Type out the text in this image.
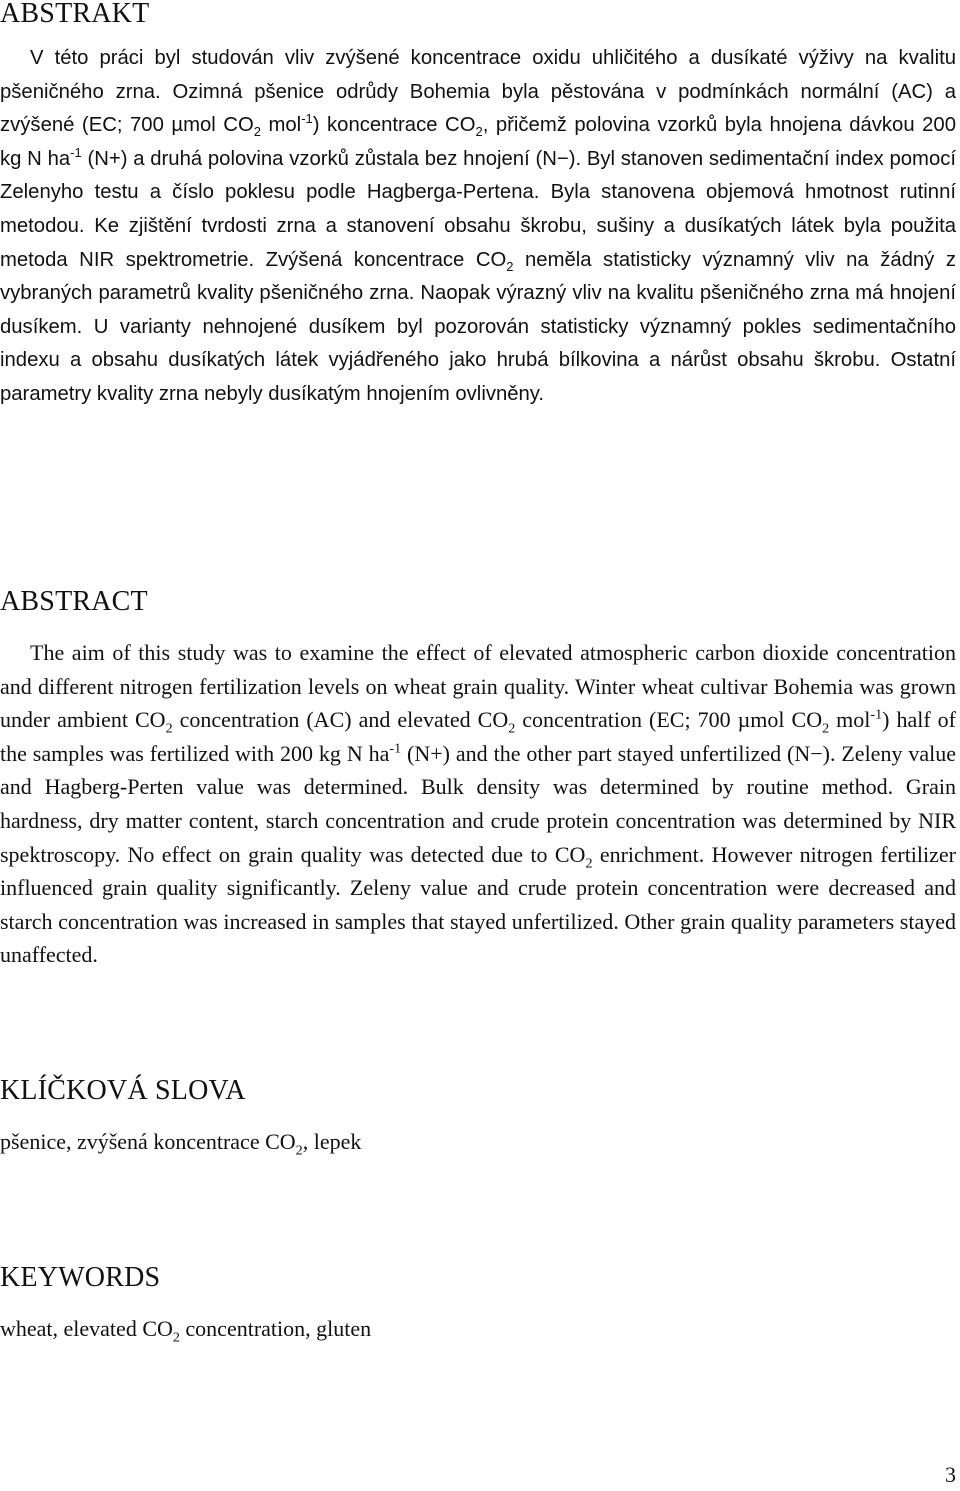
ABSTRAKT

V této práci byl studován vliv zvýšené koncentrace oxidu uhličitého a dusíkaté výživy na kvalitu pšeničného zrna. Ozimná pšenice odrůdy Bohemia byla pěstována v podmínkách normální (AC) a zvýšené (EC; 700 µmol $CO_2$ mol$^{-1}$) koncentrace $CO_2$, přičemž polovina vzorků byla hnojena dávkou 200 kg N $ha^{-1}$ (N+) a druhá polovina vzorků zůstala bez hnojení (N−). Byl stanoven sedimentační index pomocí Zelenyho testu a číslo poklesu podle Hagberga-Pertena. Byla stanovena objemová hmotnost rutinní metodou. Ke zjištění tvrdosti zrna a stanovení obsahu škrobu, sušiny a dusíkatých látek byla použita metoda NIR spektrometrie. Zvýšená koncentrace $CO_2$ neměla statisticky významný vliv na žádný z vybraných parametrů kvality pšeničného zrna. Naopak výrazný vliv na kvalitu pšeničného zrna má hnojení dusíkem. U varianty nehnojené dusíkem byl pozorován statisticky významný pokles sedimentačního indexu a obsahu dusíkatých látek vyjádřeného jako hrubá bílkovina a nárůst obsahu škrobu. Ostatní parametry kvality zrna nebyly dusíkatým hnojením ovlivněny.

ABSTRACT

The aim of this study was to examine the effect of elevated atmospheric carbon dioxide concentration and different nitrogen fertilization levels on wheat grain quality. Winter wheat cultivar Bohemia was grown under ambient $CO_2$ concentration (AC) and elevated $CO_2$ concentration (EC; 700 µmol $CO_2$ mol$^{-1}$) half of the samples was fertilized with 200 kg N $ha^{-1}$ (N+) and the other part stayed unfertilized (N−). Zeleny value and Hagberg-Perten value was determined. Bulk density was determined by routine method. Grain hardness, dry matter content, starch concentration and crude protein concentration was determined by NIR spektroscopy. No effect on grain quality was detected due to $CO_2$ enrichment. However nitrogen fertilizer influenced grain quality significantly. Zeleny value and crude protein concentration were decreased and starch concentration was increased in samples that stayed unfertilized. Other grain quality parameters stayed unaffected.

KLÍČKOVÁ SLOVA

pšenice, zvýšená koncentrace $CO_2$, lepek

KEYWORDS

wheat, elevated $CO_2$ concentration, gluten

3
